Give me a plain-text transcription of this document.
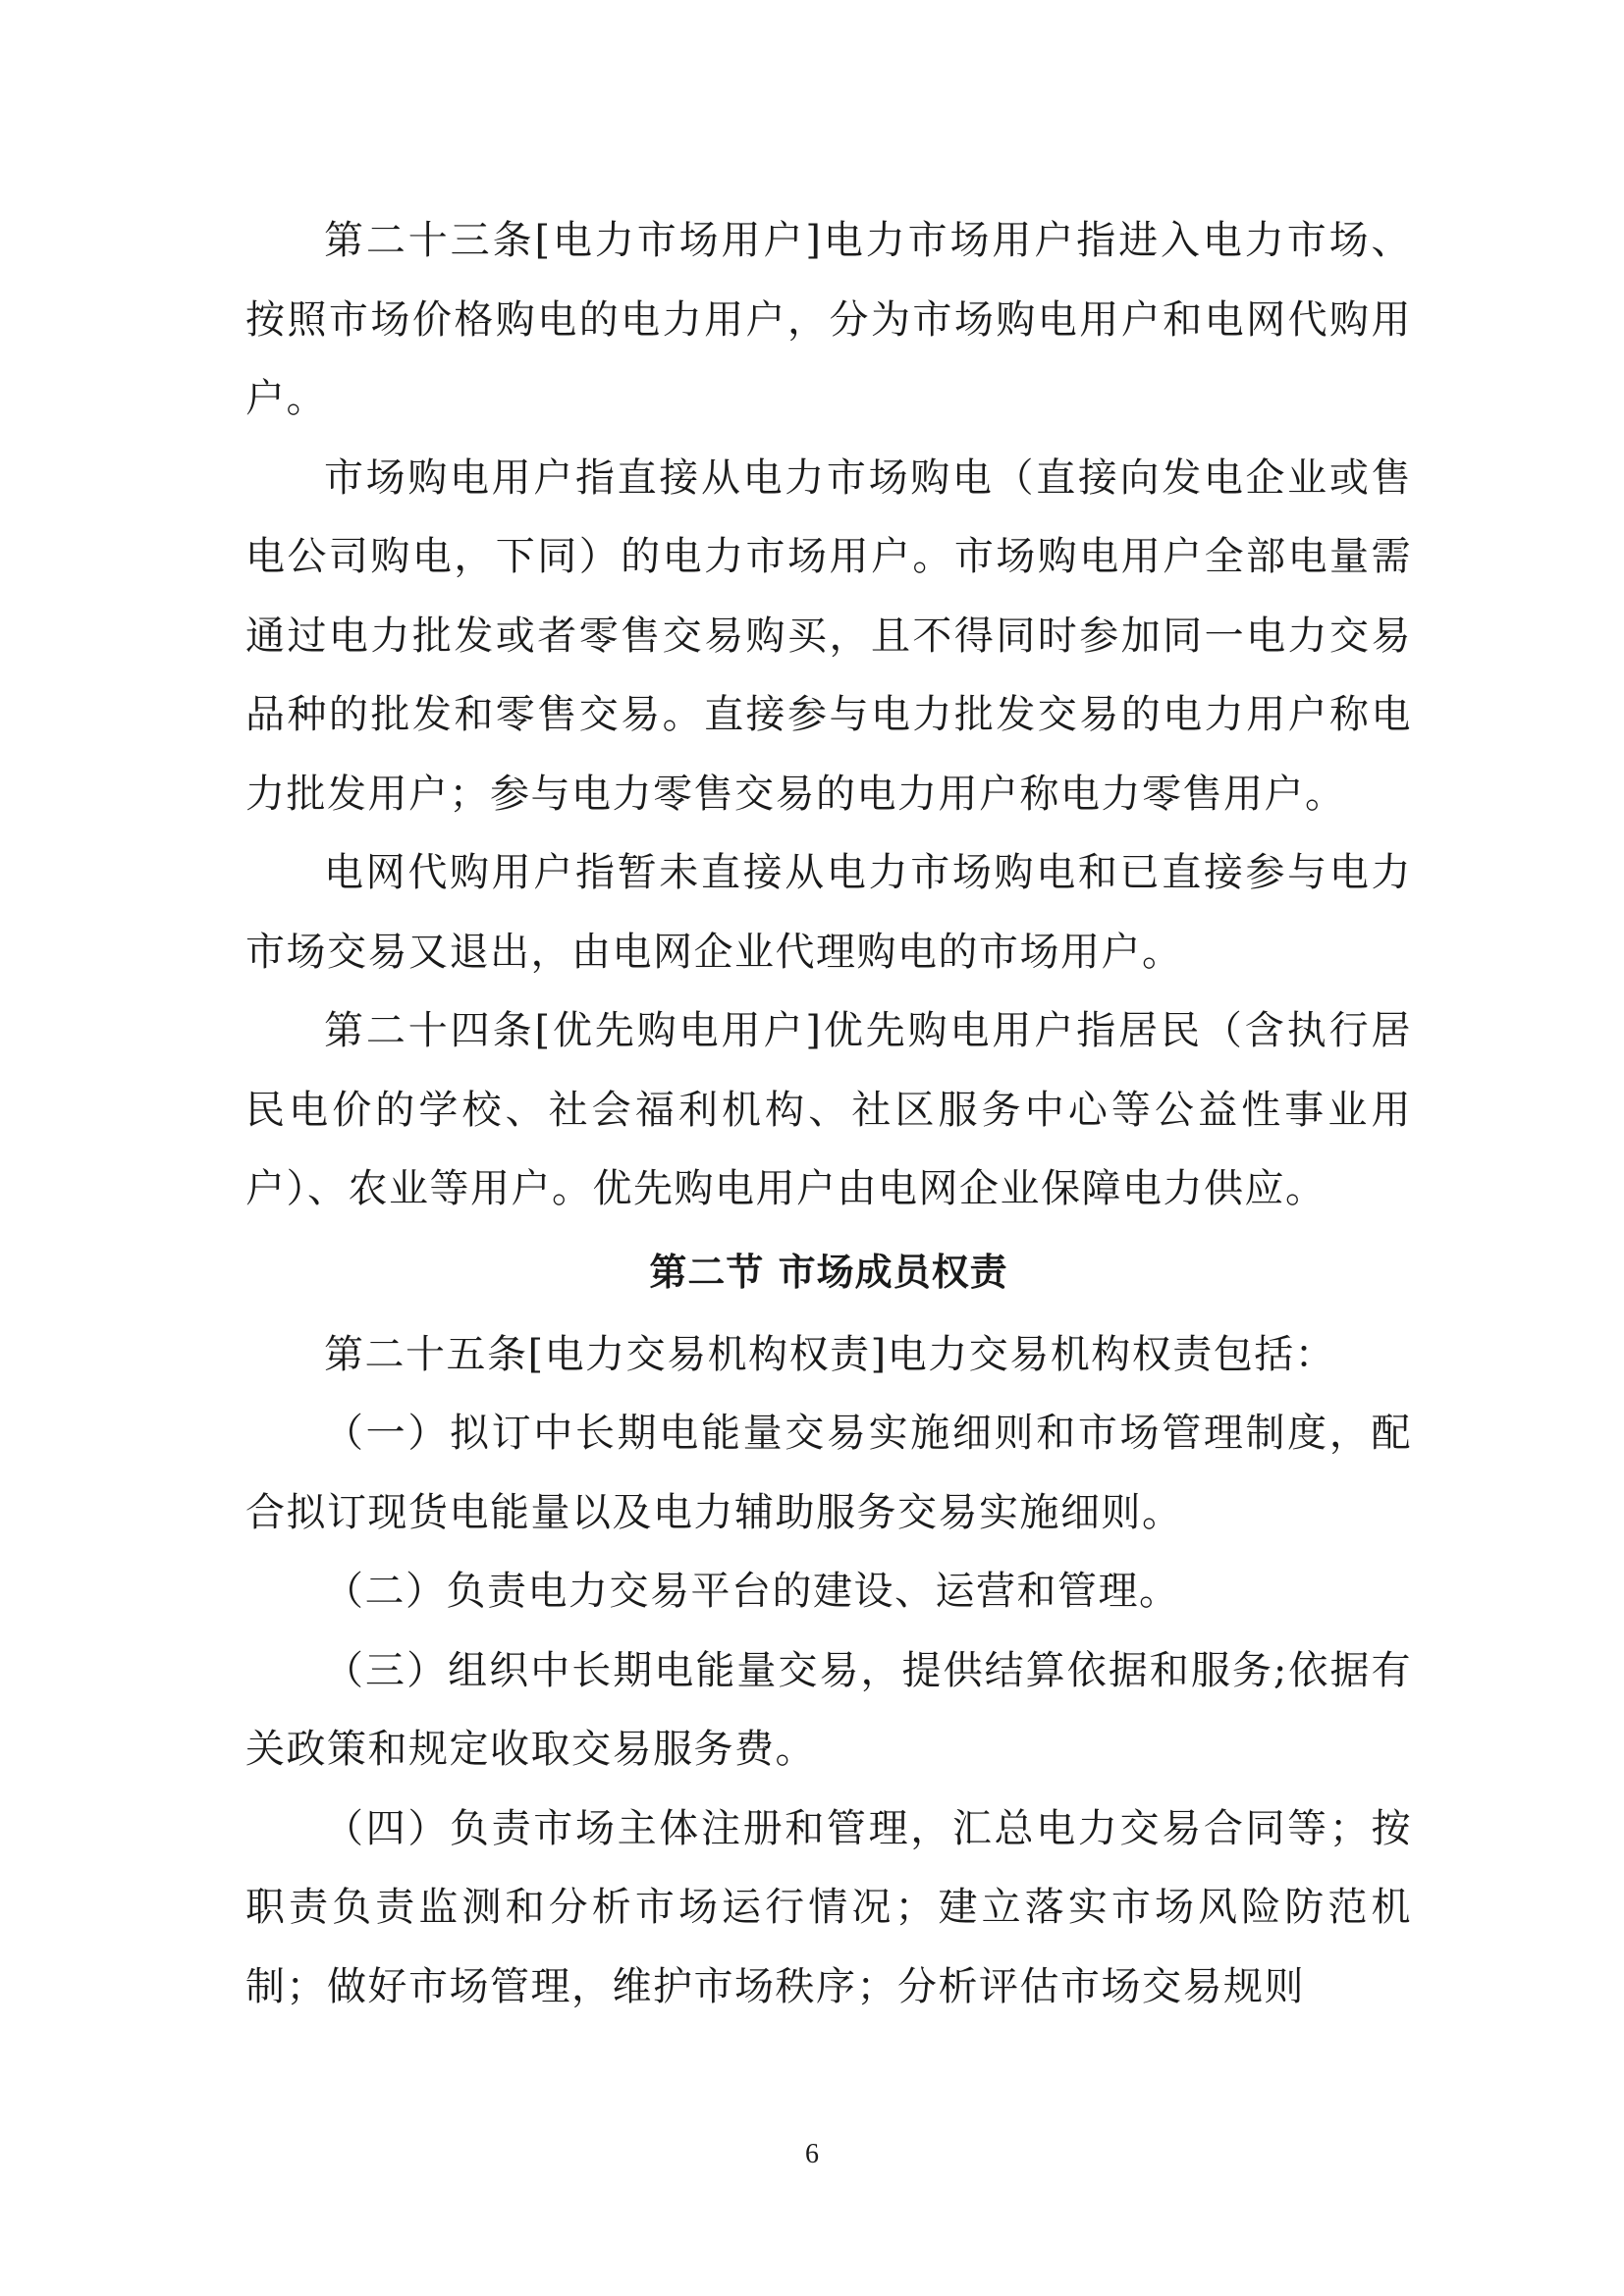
第二十三条[电力市场用户]电力市场用户指进入电力市场、按照市场价格购电的电力用户，分为市场购电用户和电网代购用户。

市场购电用户指直接从电力市场购电（直接向发电企业或售电公司购电，下同）的电力市场用户。市场购电用户全部电量需通过电力批发或者零售交易购买，且不得同时参加同一电力交易品种的批发和零售交易。直接参与电力批发交易的电力用户称电力批发用户；参与电力零售交易的电力用户称电力零售用户。

电网代购用户指暂未直接从电力市场购电和已直接参与电力市场交易又退出，由电网企业代理购电的市场用户。

第二十四条[优先购电用户]优先购电用户指居民（含执行居民电价的学校、社会福利机构、社区服务中心等公益性事业用户）、农业等用户。优先购电用户由电网企业保障电力供应。

第二节 市场成员权责

第二十五条[电力交易机构权责]电力交易机构权责包括：

（一）拟订中长期电能量交易实施细则和市场管理制度，配合拟订现货电能量以及电力辅助服务交易实施细则。

（二）负责电力交易平台的建设、运营和管理。

（三）组织中长期电能量交易，提供结算依据和服务;依据有关政策和规定收取交易服务费。

（四）负责市场主体注册和管理，汇总电力交易合同等；按职责负责监测和分析市场运行情况；建立落实市场风险防范机制；做好市场管理，维护市场秩序；分析评估市场交易规则

6
